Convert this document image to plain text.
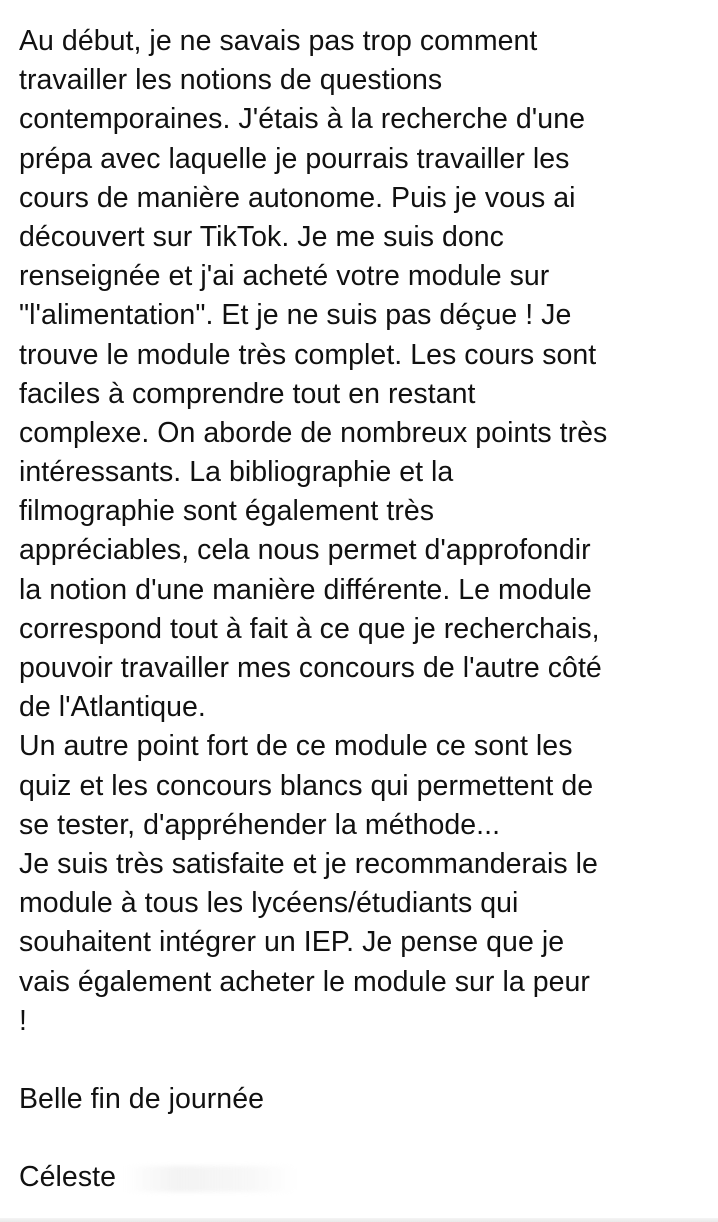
Au début, je ne savais pas trop comment
travailler les notions de questions
contemporaines. J'étais à la recherche d'une
prépa avec laquelle je pourrais travailler les
cours de manière autonome. Puis je vous ai
découvert sur TikTok. Je me suis donc
renseignée et j'ai acheté votre module sur
"l'alimentation". Et je ne suis pas déçue ! Je
trouve le module très complet. Les cours sont
faciles à comprendre tout en restant
complexe. On aborde de nombreux points très
intéressants. La bibliographie et la
filmographie sont également très
appréciables, cela nous permet d'approfondir
la notion d'une manière différente. Le module
correspond tout à fait à ce que je recherchais,
pouvoir travailler mes concours de l'autre côté
de l'Atlantique.
Un autre point fort de ce module ce sont les
quiz et les concours blancs qui permettent de
se tester, d'appréhender la méthode...
Je suis très satisfaite et je recommanderais le
module à tous les lycéens/étudiants qui
souhaitent intégrer un IEP. Je pense que je
vais également acheter le module sur la peur
!
Belle fin de journée
Céleste
